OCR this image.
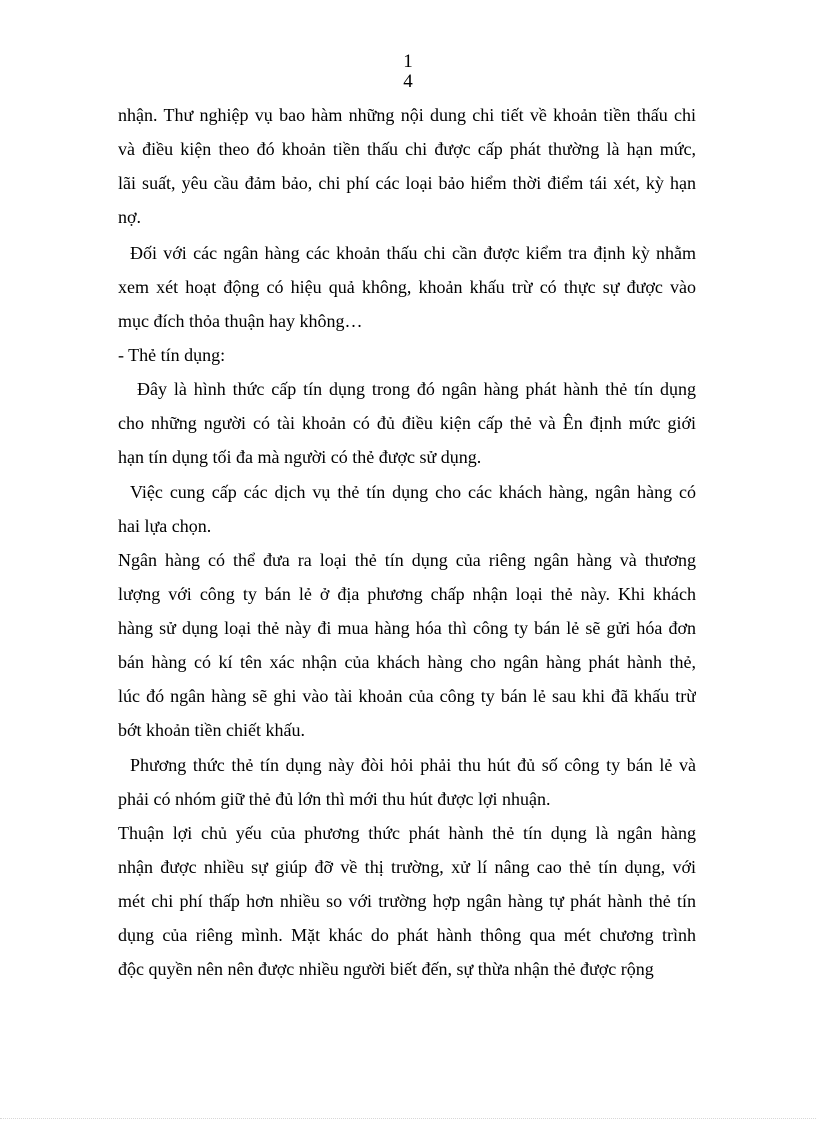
1
4
nhận. Thư nghiệp vụ bao hàm những nội dung chi tiết về khoản tiền thấu chi
và điều kiện theo đó khoản tiền thấu chi được cấp phát thường là hạn mức,
lãi suất, yêu cầu đảm bảo, chi phí các loại bảo hiểm thời điểm tái xét, kỳ hạn
nợ.
Đối với các ngân hàng các khoản thấu chi cần được kiểm tra định kỳ nhằm
xem xét hoạt động có hiệu quả không, khoản khấu trừ có thực sự được vào
mục đích thỏa thuận hay không…
- Thẻ tín dụng:
Đây là hình thức cấp tín dụng trong đó ngân hàng phát hành thẻ tín dụng
cho những người có tài khoản có đủ điều kiện cấp thẻ và Ên định mức giới
hạn tín dụng tối đa mà người có thẻ được sử dụng.
Việc cung cấp các dịch vụ thẻ tín dụng cho các khách hàng, ngân hàng có
hai lựa chọn.
Ngân hàng có thể đưa ra loại thẻ tín dụng của riêng ngân hàng và thương
lượng với công ty bán lẻ ở địa phương chấp nhận loại thẻ này. Khi khách
hàng sử dụng loại thẻ này đi mua hàng hóa thì công ty bán lẻ sẽ gửi hóa đơn
bán hàng có kí tên xác nhận của khách hàng cho ngân hàng phát hành thẻ,
lúc đó ngân hàng sẽ ghi vào tài khoản của công ty bán lẻ sau khi đã khấu trừ
bớt khoản tiền chiết khấu.
Phương thức thẻ tín dụng này đòi hỏi phải thu hút đủ số công ty bán lẻ và
phải có nhóm giữ thẻ đủ lớn thì mới thu hút được lợi nhuận.
Thuận lợi chủ yếu của phương thức phát hành thẻ tín dụng là ngân hàng
nhận được nhiều sự giúp đỡ về thị trường, xử lí nâng cao thẻ tín dụng, với
mét chi phí thấp hơn nhiều so với trường hợp ngân hàng tự phát hành thẻ tín
dụng của riêng mình. Mặt khác do phát hành thông qua mét chương trình
độc quyền nên nên được nhiều người biết đến, sự thừa nhận thẻ được rộng
